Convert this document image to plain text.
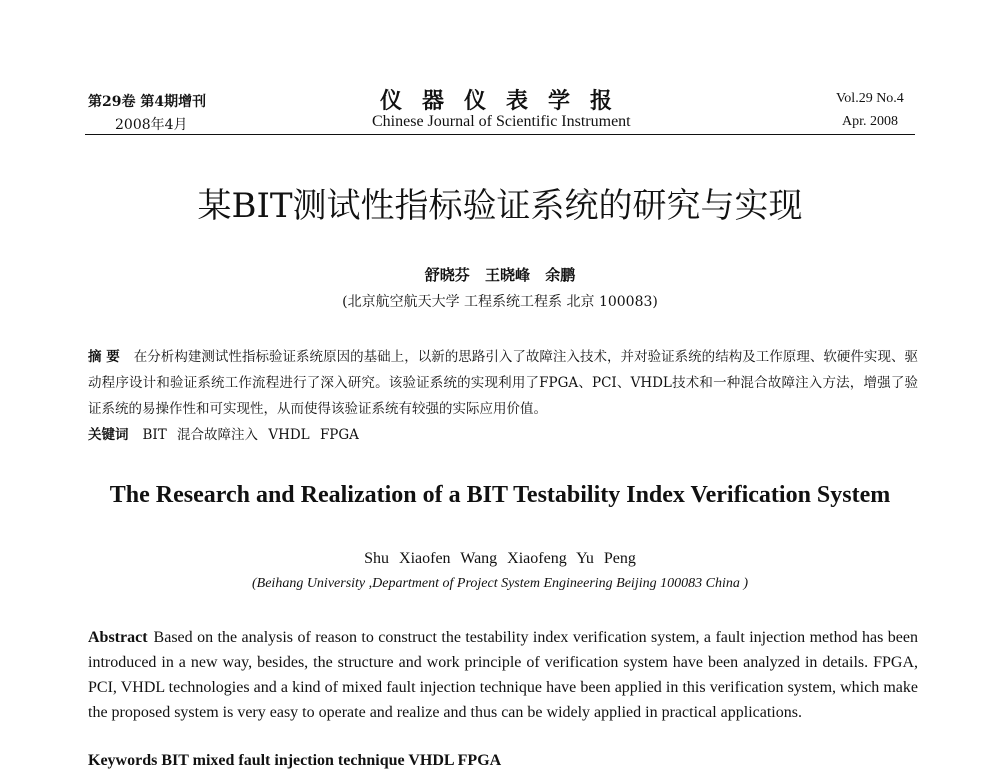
第29卷 第4期增刊
2008年4月
仪器仪表学报
Chinese Journal of Scientific Instrument
Vol.29 No.4
Apr. 2008
某BIT测试性指标验证系统的研究与实现
舒晓芬 王晓峰 余鹏
(北京航空航天大学 工程系统工程系 北京 100083)
摘 要 在分析构建测试性指标验证系统原因的基础上，以新的思路引入了故障注入技术，并对验证系统的结构及工作原理、软硬件实现、驱动程序设计和验证系统工作流程进行了深入研究。该验证系统的实现利用了FPGA、PCI、VHDL技术和一种混合故障注入方法，增强了验证系统的易操作性和可实现性，从而使得该验证系统有较强的实际应用价值。
关键词 BIT 混合故障注入 VHDL FPGA
The Research and Realization of a BIT Testability Index Verification System
Shu Xiaofen Wang Xiaofeng Yu Peng
(Beihang University ,Department of Project System Engineering Beijing 100083 China )
Abstract Based on the analysis of reason to construct the testability index verification system, a fault injection method has been introduced in a new way, besides, the structure and work principle of verification system have been analyzed in details. FPGA, PCI, VHDL technologies and a kind of mixed fault injection technique have been applied in this verification system, which make the proposed system is very easy to operate and realize and thus can be widely applied in practical applications.
Keywords BIT mixed fault injection technique VHDL FPGA
